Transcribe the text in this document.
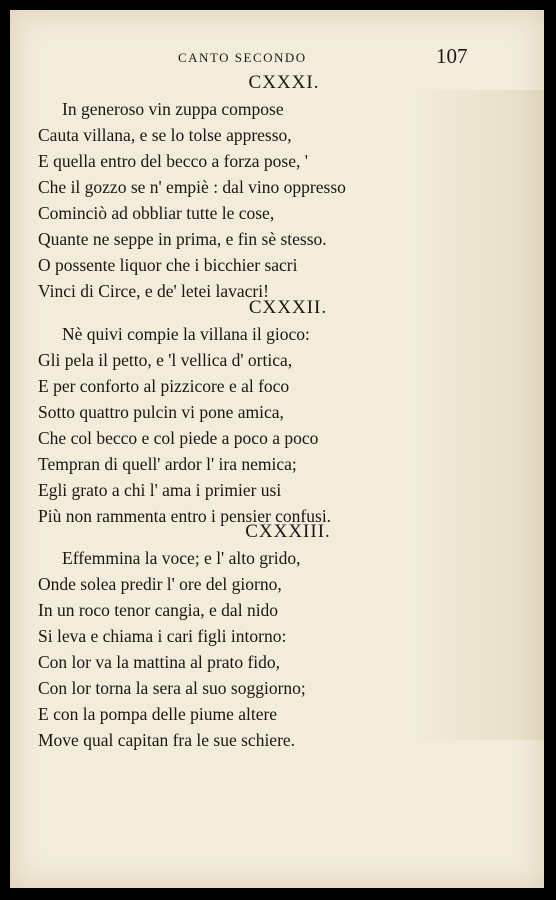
CANTO SECONDO	107
CXXXI.
In generoso vin zuppa compose
Cauta villana, e se lo tolse appresso,
E quella entro del becco a forza pose, '
Che il gozzo se n' empiè : dal vino oppresso
Cominciò ad obbliar tutte le cose,
Quante ne seppe in prima, e fin sè stesso.
O possente liquor che i bicchier sacri
Vinci di Circe, e de' letei lavacri!
CXXXII.
Nè quivi compie la villana il gioco:
Gli pela il petto, e 'l vellica d' ortica,
E per conforto al pizzicore e al foco
Sotto quattro pulcin vi pone amica,
Che col becco e col piede a poco a poco
Tempran di quell' ardor l' ira nemica;
Egli grato a chi l' ama i primier usi
Più non rammenta entro i pensier confusi.
CXXXIII.
Effemmina la voce; e l' alto grido,
Onde solea predir l' ore del giorno,
In un roco tenor cangia, e dal nido
Si leva e chiama i cari figli intorno:
Con lor va la mattina al prato fido,
Con lor torna la sera al suo soggiorno;
E con la pompa delle piume altere
Move qual capitan fra le sue schiere.
